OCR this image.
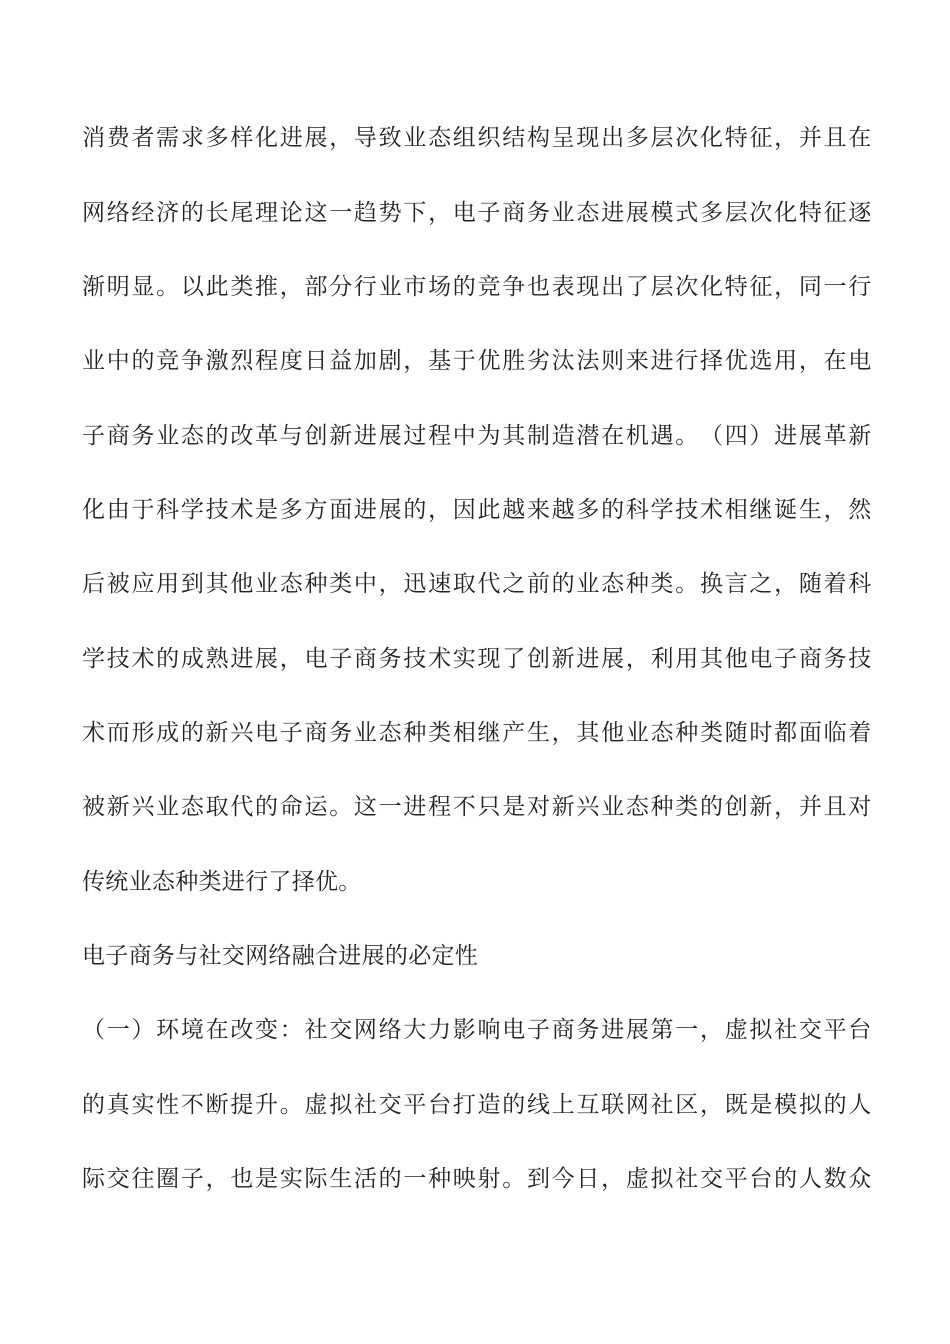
消 费 者 需 求 多 样 化 进 展 ， 导 致 业 态 组 织 结 构 呈 现 出 多 层 次 化 特 征 ， 并 且 在
网 络 经 济 的 长 尾 理 论 这 一 趋 势 下 ， 电 子 商 务 业 态 进 展 模 式 多 层 次 化 特 征 逐
渐 明 显 。 以 此 类 推 ， 部 分 行 业 市 场 的 竞 争 也 表 现 出 了 层 次 化 特 征 ， 同 一 行
业 中 的 竞 争 激 烈 程 度 日 益 加 剧 ， 基 于 优 胜 劣 汰 法 则 来 进 行 择 优 选 用 ， 在 电
子 商 务 业 态 的 改 革 与 创 新 进 展 过 程 中 为 其 制 造 潜 在 机 遇 。 （ 四 ） 进 展 革 新
化 由 于 科 学 技 术 是 多 方 面 进 展 的 ， 因 此 越 来 越 多 的 科 学 技 术 相 继 诞 生 ， 然
后 被 应 用 到 其 他 业 态 种 类 中 ， 迅 速 取 代 之 前 的 业 态 种 类 。 换 言 之 ， 随 着 科
学 技 术 的 成 熟 进 展 ， 电 子 商 务 技 术 实 现 了 创 新 进 展 ， 利 用 其 他 电 子 商 务 技
术 而 形 成 的 新 兴 电 子 商 务 业 态 种 类 相 继 产 生 ， 其 他 业 态 种 类 随 时 都 面 临 着
被 新 兴 业 态 取 代 的 命 运 。 这 一 进 程 不 只 是 对 新 兴 业 态 种 类 的 创 新 ， 并 且 对
传统业态种类进行了择优。
电子商务与社交网络融合进展的必定性
（ 一 ） 环 境 在 改 变 ： 社 交 网 络 大 力 影 响 电 子 商 务 进 展 第 一 ， 虚 拟 社 交 平 台
的 真 实 性 不 断 提 升 。 虚 拟 社 交 平 台 打 造 的 线 上 互 联 网 社 区 ， 既 是 模 拟 的 人
际 交 往 圈 子 ， 也 是 实 际 生 活 的 一 种 映 射 。 到 今 日 ， 虚 拟 社 交 平 台 的 人 数 众
